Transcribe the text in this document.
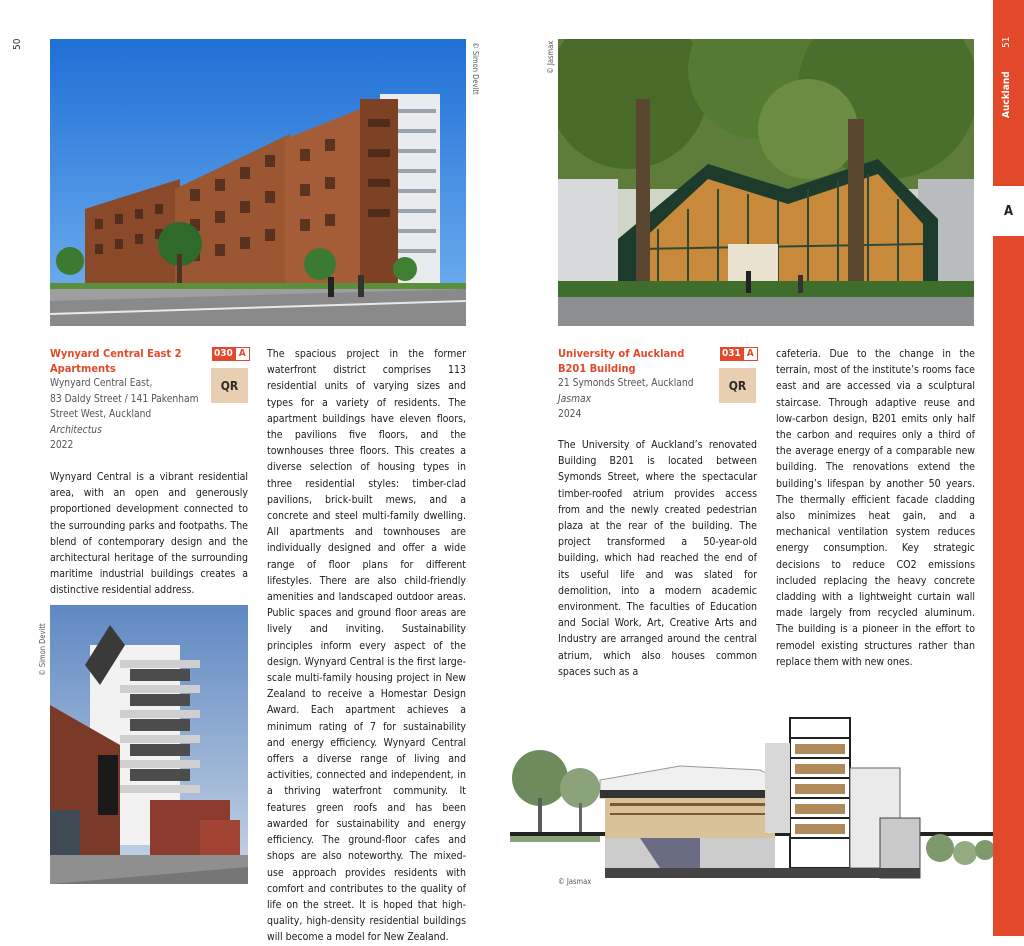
50	© Simon Devitt
Wynyard Central East 2
Apartments
030 A
QR
Wynyard Central East,
83 Daldy Street / 141 Pakenham
Street West, Auckland
Architectus
2022
Wynyard Central is a vibrant residential area, with an open and generously proportioned development connected to the surrounding parks and footpaths. The blend of contemporary design and the architectural heritage of the surrounding maritime industrial buildings creates a distinctive residential address.
© Simon Devitt
The spacious project in the former waterfront district comprises 113 residential units of varying sizes and types for a variety of residents. The apartment buildings have eleven floors, the pavilions five floors, and the townhouses three floors. This creates a diverse selection of housing types in three residential styles: timber-clad pavilions, brick-built mews, and a concrete and steel multi-family dwelling. All apartments and townhouses are individually designed and offer a wide range of floor plans for different lifestyles. There are also child-friendly amenities and landscaped outdoor areas. Public spaces and ground floor areas are lively and inviting. Sustainability principles inform every aspect of the design. Wynyard Central is the first large-scale multi-family housing project in New Zealand to receive a Homestar Design Award. Each apartment achieves a minimum rating of 7 for sustainability and energy efficiency. Wynyard Central offers a diverse range of living and activities, connected and independent, in a thriving waterfront community. It features green roofs and has been awarded for sustainability and energy efficiency. The ground-floor cafes and shops are also noteworthy. The mixed-use approach provides residents with comfort and contributes to the quality of life on the street. It is hoped that high-quality, high-density residential buildings will become a model for New Zealand.
© Jasmax
University of Auckland
B201 Building
031 A
QR
21 Symonds Street, Auckland
Jasmax
2024
The University of Auckland’s renovated Building B201 is located between Symonds Street, where the spectacular timber-roofed atrium provides access from and the newly created pedestrian plaza at the rear of the building. The project transformed a 50-year-old building, which had reached the end of its useful life and was slated for demolition, into a modern academic environment. The faculties of Education and Social Work, Art, Creative Arts and Industry are arranged around the central atrium, which also houses common spaces such as a
cafeteria. Due to the change in the terrain, most of the institute’s rooms face east and are accessed via a sculptural staircase. Through adaptive reuse and low-carbon design, B201 emits only half the carbon and requires only a third of the average energy of a comparable new building. The renovations extend the building’s lifespan by another 50 years. The thermally efficient facade cladding also minimizes heat gain, and a mechanical ventilation system reduces energy consumption. Key strategic decisions to reduce CO2 emissions included replacing the heavy concrete cladding with a lightweight curtain wall made largely from recycled aluminum. The building is a pioneer in the effort to remodel existing structures rather than replace them with new ones.
© Jasmax
51
Auckland
A
